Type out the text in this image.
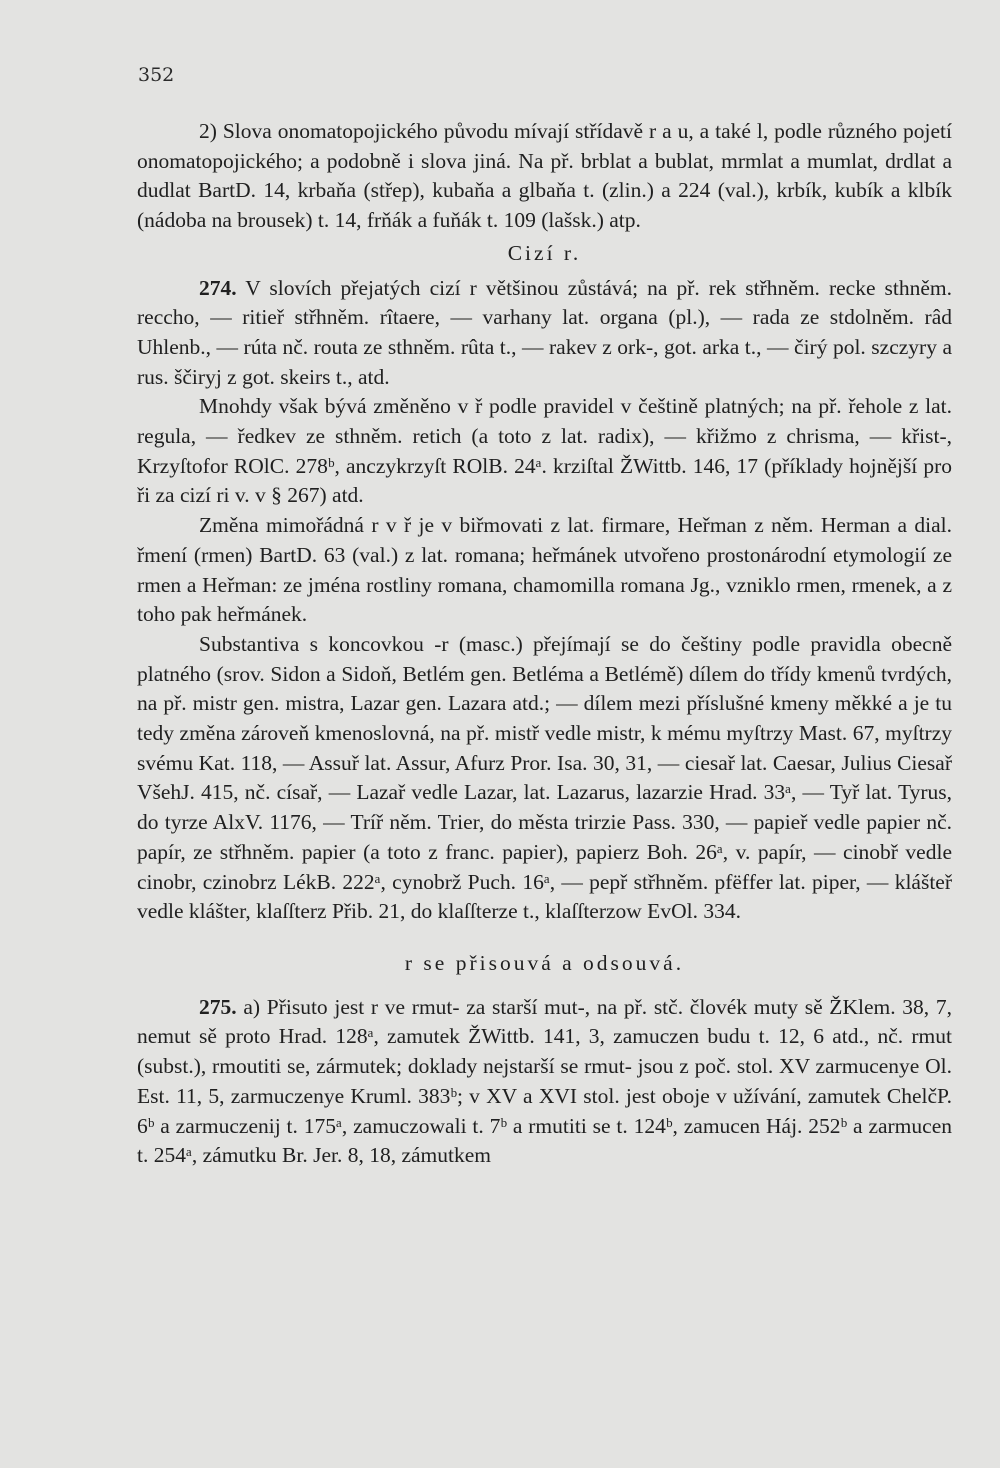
352

2) Slova onomatopojického původu mívají střídavě r a u, a také l, podle různého pojetí onomatopojického; a podobně i slova jiná. Na př. brblat a bublat, mrmlat a mumlat, drdlat a dudlat BartD. 14, krbaňa (střep), kubaňa a glbaňa t. (zlin.) a 224 (val.), krbík, kubík a klbík (nádoba na brousek) t. 14, frňák a fuňák t. 109 (lašsk.) atp.

Cizí r.

274. V slovích přejatých cizí r většinou zůstává; na př. rek střhněm. recke sthněm. reccho, — ritieř střhněm. rîtaere, — varhany lat. organa (pl.), — rada ze stdolněm. râd Uhlenb., — rúta nč. routa ze sthněm. rûta t., — rakev z ork-, got. arka t., — čirý pol. szczyry a rus. ščiryj z got. skeirs t., atd.

Mnohdy však bývá změněno v ř podle pravidel v češtině platných; na př. řehole z lat. regula, — ředkev ze sthněm. retich (a toto z lat. radix), — křižmo z chrisma, — křist-, Krzyſtofor ROlC. 278ᵇ, anczykrzyſt ROlB. 24ᵃ. krziſtal ŽWittb. 146, 17 (příklady hojnější pro ři za cizí ri v. v § 267) atd.

Změna mimořádná r v ř je v biřmovati z lat. firmare, Heřman z něm. Herman a dial. řmení (rmen) BartD. 63 (val.) z lat. romana; heřmánek utvořeno prostonárodní etymologií ze rmen a Heřman: ze jména rostliny romana, chamomilla romana Jg., vzniklo rmen, rmenek, a z toho pak heřmánek.

Substantiva s koncovkou -r (masc.) přejímají se do češtiny podle pravidla obecně platného (srov. Sidon a Sidoň, Betlém gen. Betléma a Betlémě) dílem do třídy kmenů tvrdých, na př. mistr gen. mistra, Lazar gen. Lazara atd.; — dílem mezi příslušné kmeny měkké a je tu tedy změna zároveň kmenoslovná, na př. mistř vedle mistr, k mému myſtrzy Mast. 67, myſtrzy svému Kat. 118, — Assuř lat. Assur, Afurz Pror. Isa. 30, 31, — ciesař lat. Caesar, Julius Ciesař VšehJ. 415, nč. císař, — Lazař vedle Lazar, lat. Lazarus, lazarzie Hrad. 33ᵃ, — Tyř lat. Tyrus, do tyrze AlxV. 1176, — Tríř něm. Trier, do města trirzie Pass. 330, — papieř vedle papier nč. papír, ze střhněm. papier (a toto z franc. papier), papierz Boh. 26ᵃ, v. papír, — cinobř vedle cinobr, czinobrz LékB. 222ᵃ, cynobrž Puch. 16ᵃ, — pepř střhněm. pfëffer lat. piper, — klášteř vedle klášter, klaſſterz Přib. 21, do klaſſterze t., klaſſterzow EvOl. 334.

r se přisouvá a odsouvá.

275. a) Přisuto jest r ve rmut- za starší mut-, na př. stč. človék muty sě ŽKlem. 38, 7, nemut sě proto Hrad. 128ᵃ, zamutek ŽWittb. 141, 3, zamuczen budu t. 12, 6 atd., nč. rmut (subst.), rmoutiti se, zármutek; doklady nejstarší se rmut- jsou z poč. stol. XV zarmucenye Ol. Est. 11, 5, zarmuczenye Kruml. 383ᵇ; v XV a XVI stol. jest oboje v užívání, zamutek ChelčP. 6ᵇ a zarmuczenij t. 175ᵃ, zamuczowali t. 7ᵇ a rmutiti se t. 124ᵇ, zamucen Háj. 252ᵇ a zarmucen t. 254ᵃ, zámutku Br. Jer. 8, 18, zámutkem
